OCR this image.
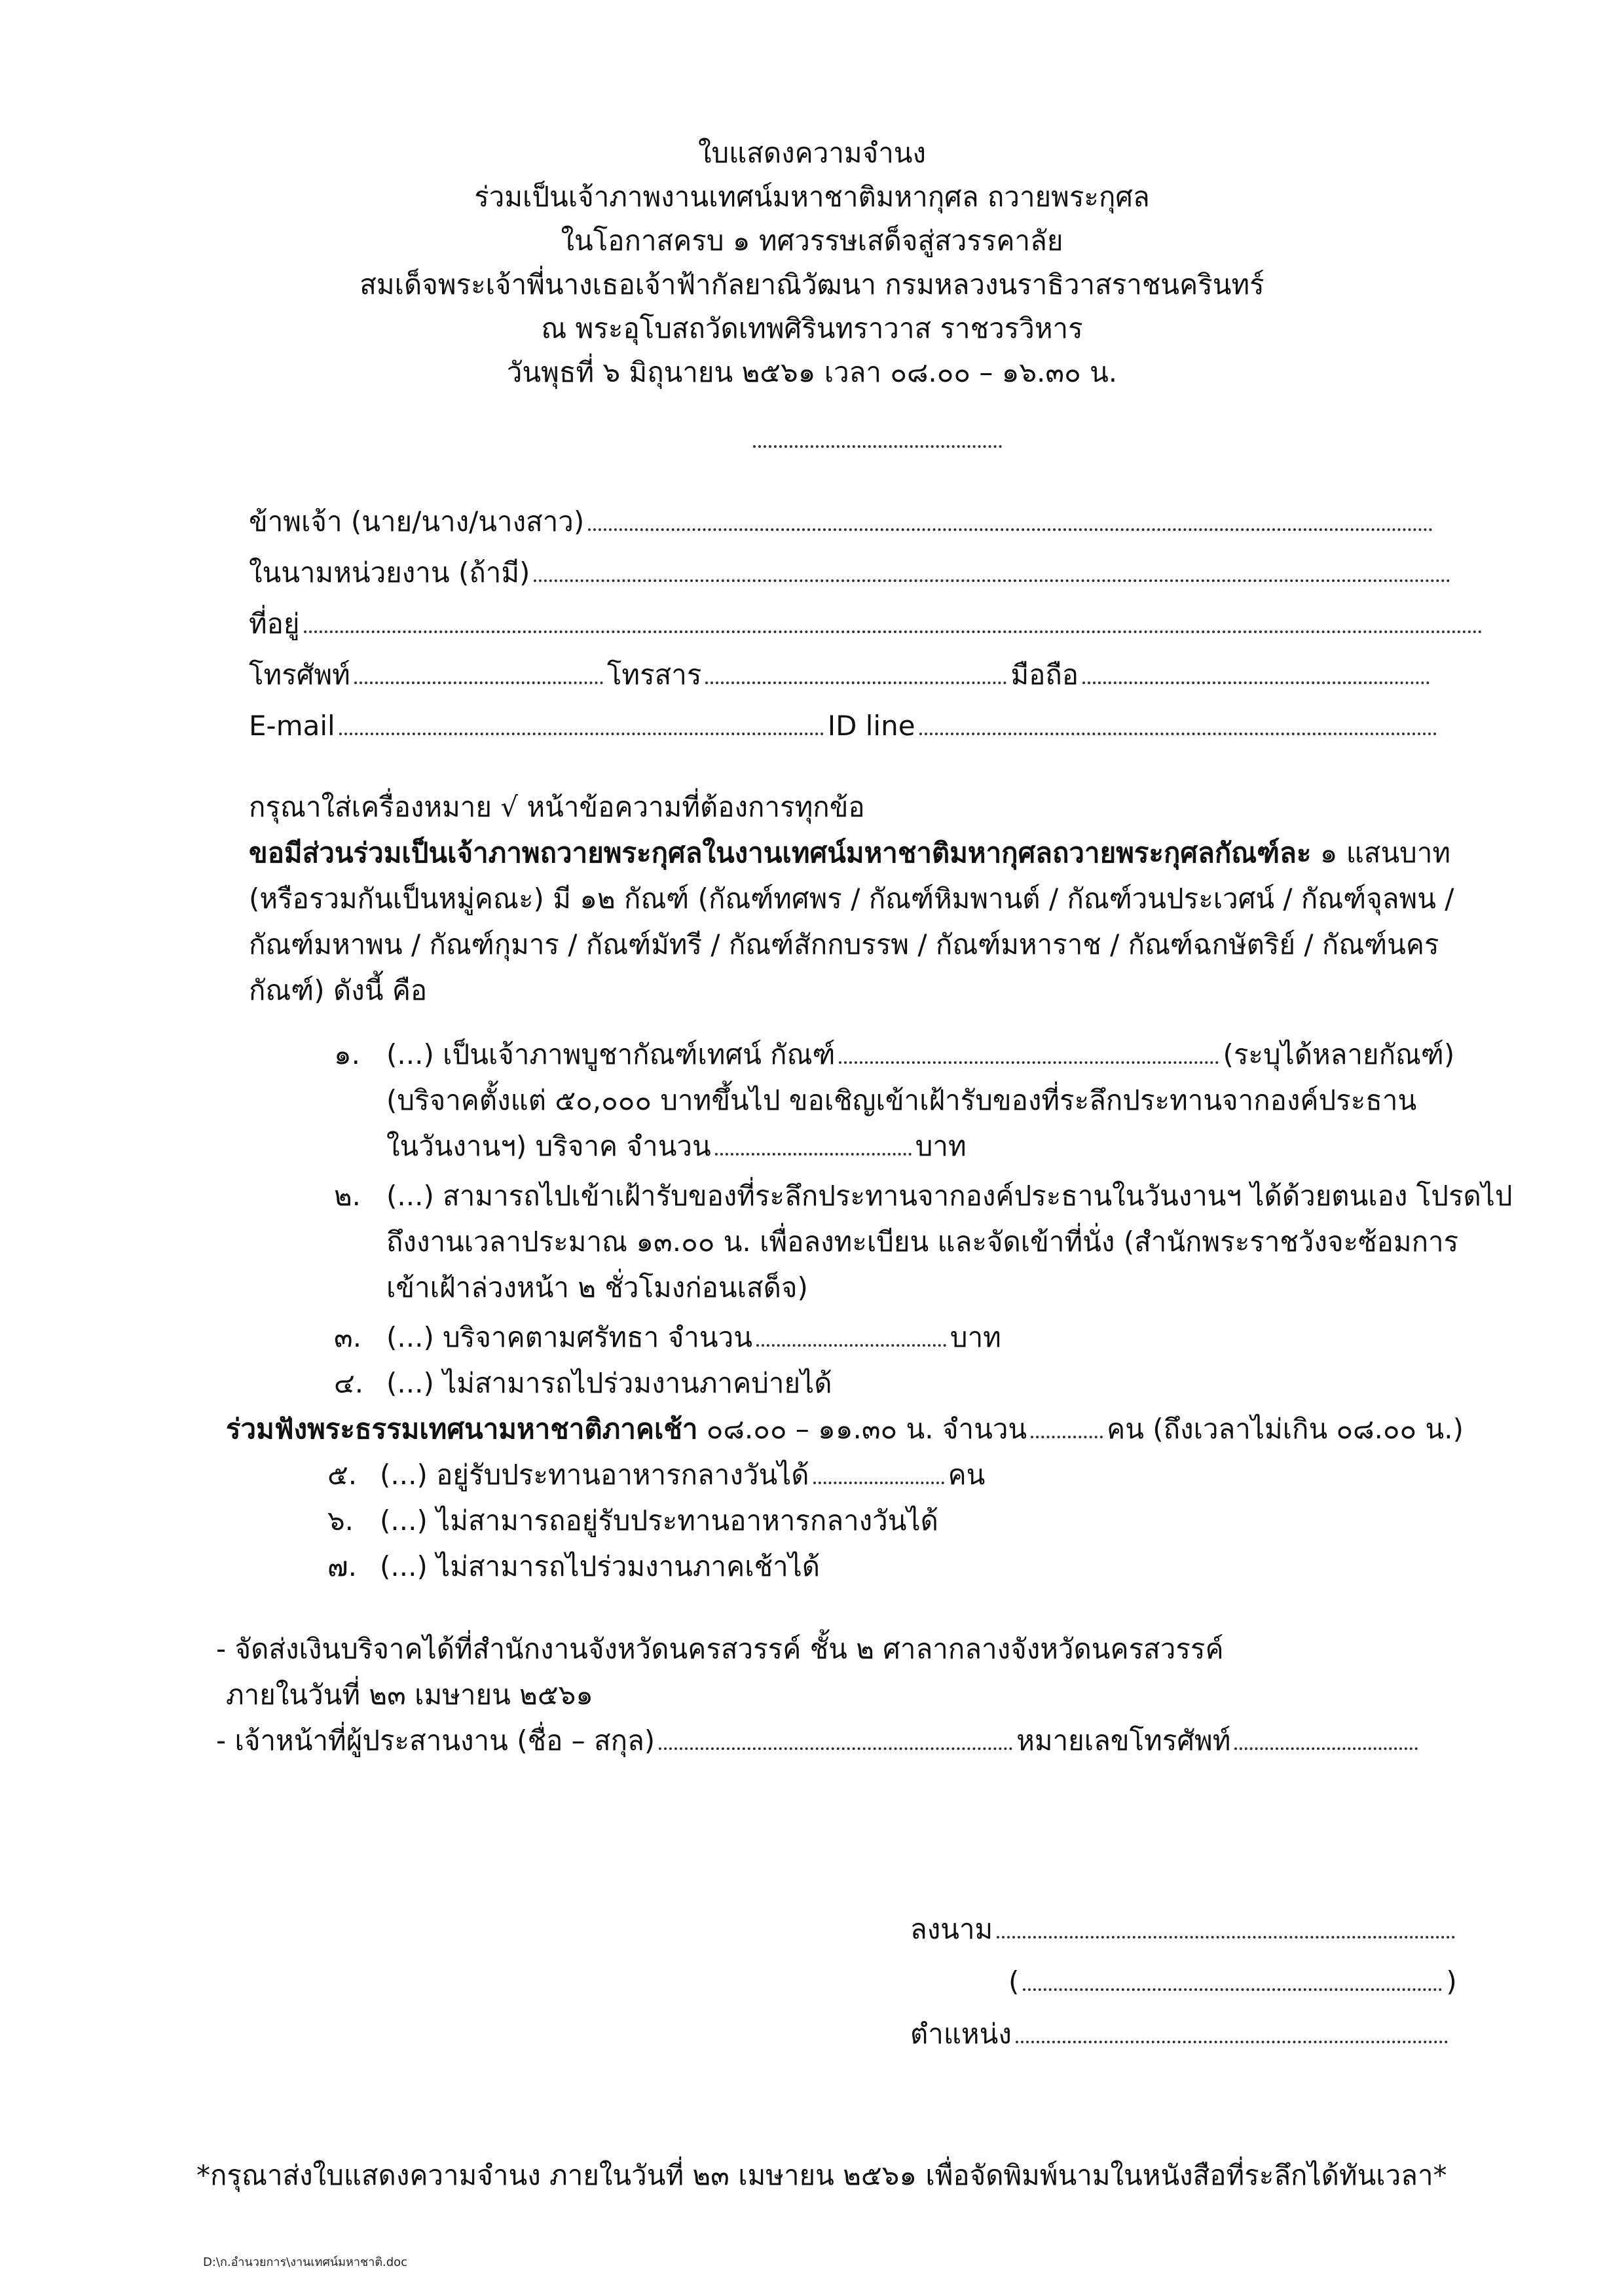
ใบแสดงความจำนง
ร่วมเป็นเจ้าภาพงานเทศน์มหาชาติมหากุศล ถวายพระกุศล
ในโอกาสครบ ๑ ทศวรรษเสด็จสู่สวรรคาลัย
สมเด็จพระเจ้าพี่นางเธอเจ้าฟ้ากัลยาณิวัฒนา กรมหลวงนราธิวาสราชนครินทร์
ณ พระอุโบสถวัดเทพศิรินทราวาส ราชวรวิหาร
วันพุธที่ ๖ มิถุนายน ๒๕๖๑ เวลา ๐๘.๐๐ – ๑๖.๓๐ น.
ข้าพเจ้า (นาย/นาง/นางสาว)
ในนามหน่วยงาน (ถ้ามี)
ที่อยู่
โทรศัพท์	โทรสาร	มือถือ
E-mail	ID line
กรุณาใส่เครื่องหมาย √ หน้าข้อความที่ต้องการทุกข้อ
ขอมีส่วนร่วมเป็นเจ้าภาพถวายพระกุศลในงานเทศน์มหาชาติมหากุศลถวายพระกุศลกัณฑ์ละ ๑ แสนบาท
(หรือรวมกันเป็นหมู่คณะ) มี ๑๒ กัณฑ์ (กัณฑ์ทศพร / กัณฑ์หิมพานต์ / กัณฑ์วนประเวศน์ / กัณฑ์จุลพน /
กัณฑ์มหาพน / กัณฑ์กุมาร / กัณฑ์มัทรี / กัณฑ์สักกบรรพ / กัณฑ์มหาราช / กัณฑ์ฉกษัตริย์ / กัณฑ์นคร
กัณฑ์) ดังนี้ คือ
๑. (...) เป็นเจ้าภาพบูชากัณฑ์เทศน์ กัณฑ์	(ระบุได้หลายกัณฑ์)
(บริจาคตั้งแต่ ๕๐,๐๐๐ บาทขึ้นไป ขอเชิญเข้าเฝ้ารับของที่ระลึกประทานจากองค์ประธาน
ในวันงานฯ) บริจาค จำนวน	บาท
๒. (...) สามารถไปเข้าเฝ้ารับของที่ระลึกประทานจากองค์ประธานในวันงานฯ ได้ด้วยตนเอง โปรดไป
ถึงงานเวลาประมาณ ๑๓.๐๐ น. เพื่อลงทะเบียน และจัดเข้าที่นั่ง (สำนักพระราชวังจะซ้อมการ
เข้าเฝ้าล่วงหน้า ๒ ชั่วโมงก่อนเสด็จ)
๓. (...) บริจาคตามศรัทธา จำนวน	บาท
๔. (...) ไม่สามารถไปร่วมงานภาคบ่ายได้
ร่วมฟังพระธรรมเทศนามหาชาติภาคเช้า ๐๘.๐๐ – ๑๑.๓๐ น. จำนวน	คน (ถึงเวลาไม่เกิน ๐๘.๐๐ น.)
๕. (...) อยู่รับประทานอาหารกลางวันได้	คน
๖. (...) ไม่สามารถอยู่รับประทานอาหารกลางวันได้
๗. (...) ไม่สามารถไปร่วมงานภาคเช้าได้
- จัดส่งเงินบริจาคได้ที่สำนักงานจังหวัดนครสวรรค์ ชั้น ๒ ศาลากลางจังหวัดนครสวรรค์
ภายในวันที่ ๒๓ เมษายน ๒๕๖๑
- เจ้าหน้าที่ผู้ประสานงาน (ชื่อ – สกุล)	หมายเลขโทรศัพท์
ลงนาม
(	)
ตำแหน่ง
*กรุณาส่งใบแสดงความจำนง ภายในวันที่ ๒๓ เมษายน ๒๕๖๑ เพื่อจัดพิมพ์นามในหนังสือที่ระลึกได้ทันเวลา*
D:\ก.อำนวยการ\งานเทศน์มหาชาติ.doc
